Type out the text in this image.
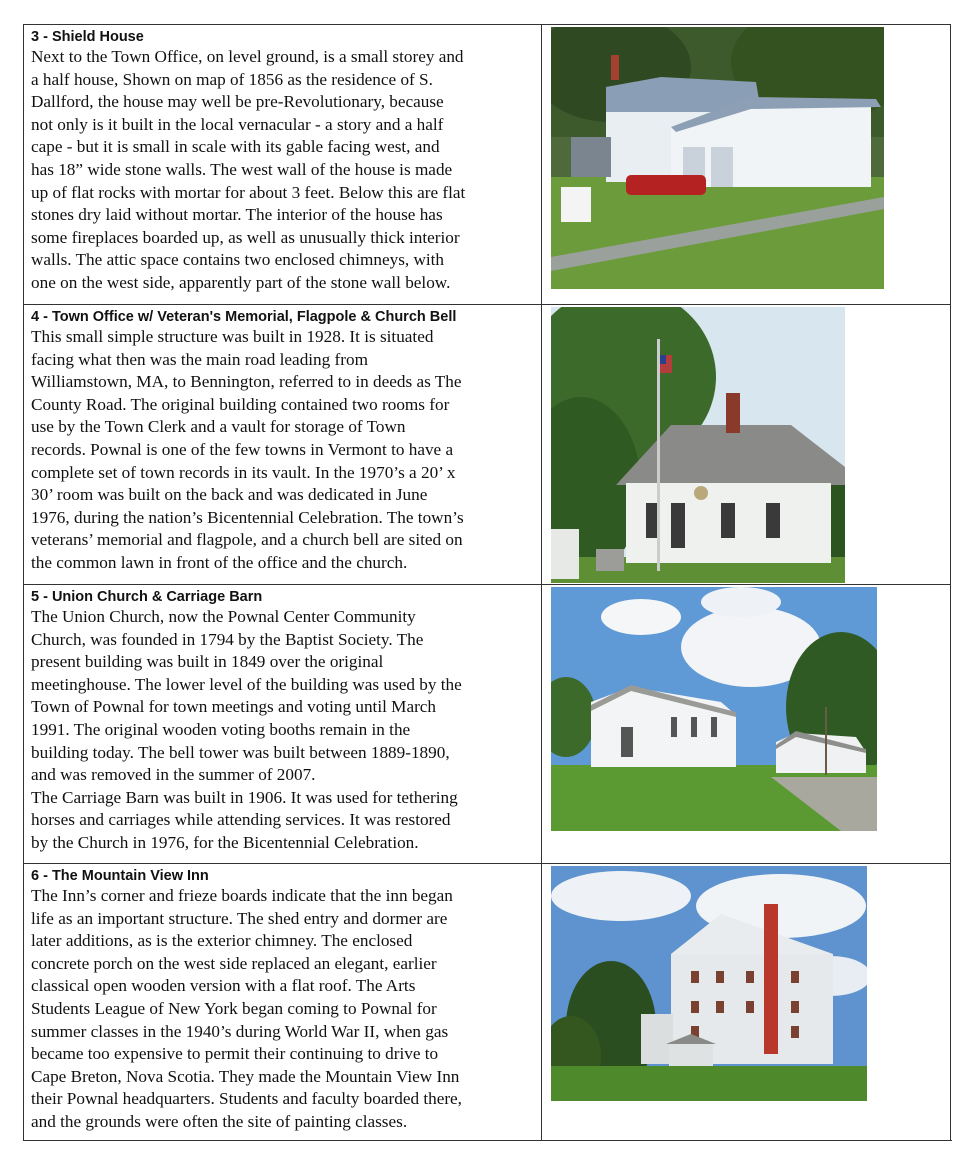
3 - Shield House

Next to the Town Office, on level ground, is a small storey and
a half house, Shown on map of 1856 as the residence of S.
Dallford, the house may well be pre-Revolutionary, because
not only is it built in the local vernacular - a story and a half
cape - but it is small in scale with its gable facing west, and
has 18” wide stone walls. The west wall of the house is made
up of flat rocks with mortar for about 3 feet. Below this are flat
stones dry laid without mortar. The interior of the house has
some fireplaces boarded up, as well as unusually thick interior
walls. The attic space contains two enclosed chimneys, with
one on the west side, apparently part of the stone wall below.

4 - Town Office w/ Veteran's Memorial, Flagpole & Church Bell

This small simple structure was built in 1928. It is situated
facing what then was the main road leading from
Williamstown, MA, to Bennington, referred to in deeds as The
County Road. The original building contained two rooms for
use by the Town Clerk and a vault for storage of Town
records. Pownal is one of the few towns in Vermont to have a
complete set of town records in its vault. In the 1970’s a 20’ x
30’ room was built on the back and was dedicated in June
1976, during the nation’s Bicentennial Celebration. The town’s
veterans’ memorial and flagpole, and a church bell are sited on
the common lawn in front of the office and the church.

5 - Union Church & Carriage Barn

The Union Church, now the Pownal Center Community
Church, was founded in 1794 by the Baptist Society. The
present building was built in 1849 over the original
meetinghouse. The lower level of the building was used by the
Town of Pownal for town meetings and voting until March
1991. The original wooden voting booths remain in the
building today. The bell tower was built between 1889-1890,
and was removed in the summer of 2007.
The Carriage Barn was built in 1906. It was used for tethering
horses and carriages while attending services. It was restored
by the Church in 1976, for the Bicentennial Celebration.

6 - The Mountain View Inn

The Inn’s corner and frieze boards indicate that the inn began
life as an important structure. The shed entry and dormer are
later additions, as is the exterior chimney. The enclosed
concrete porch on the west side replaced an elegant, earlier
classical open wooden version with a flat roof. The Arts
Students League of New York began coming to Pownal for
summer classes in the 1940’s during World War II, when gas
became too expensive to permit their continuing to drive to
Cape Breton, Nova Scotia. They made the Mountain View Inn
their Pownal headquarters. Students and faculty boarded there,
and the grounds were often the site of painting classes.
